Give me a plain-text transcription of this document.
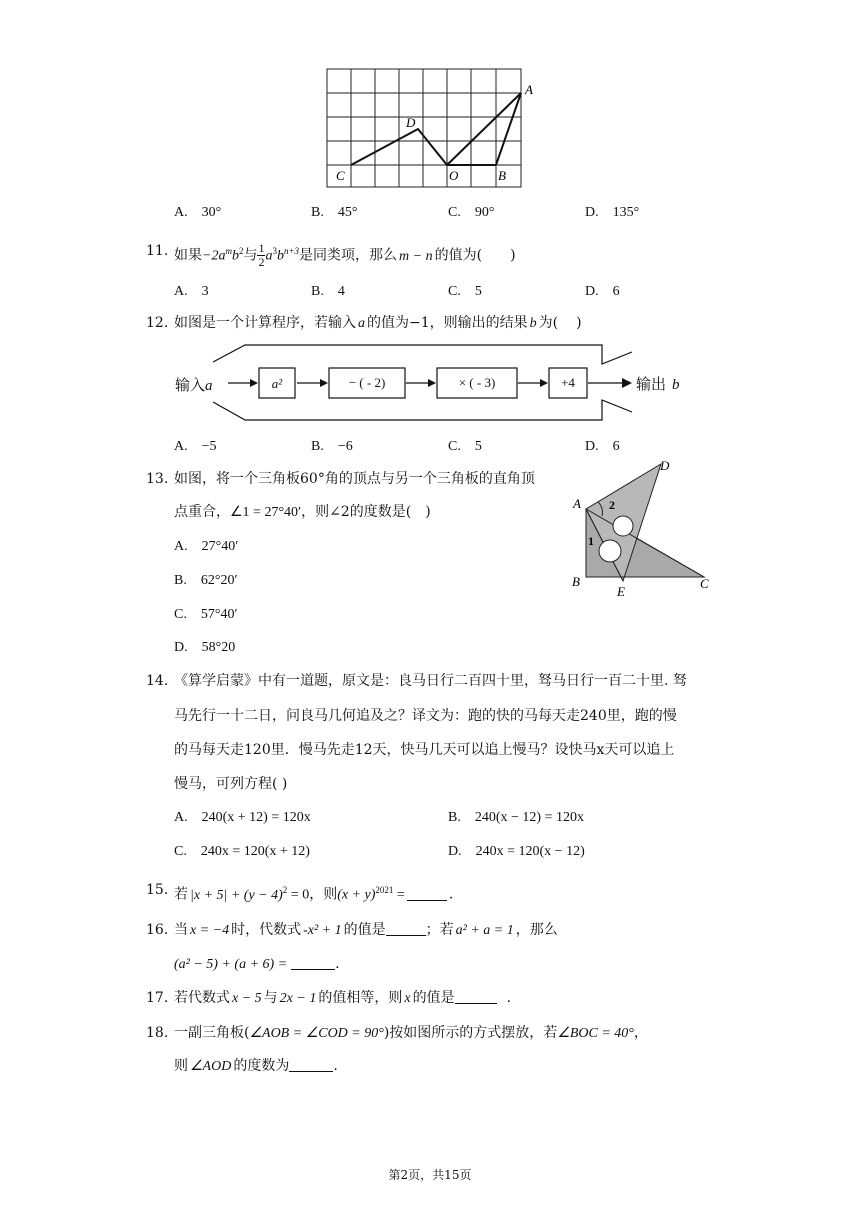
A
D
C	O	B
A. 30°	B. 45°	C. 90°	D. 135°
11. 如果$-2a^mb^2$与 $\frac{1}{2} a^3b^{n+3}$是同类项，那么 m − n 的值为( )
A. 3	B. 4	C. 5	D. 6
12. 如图是一个计算程序，若输入 a 的值为−1，则输出的结果 b 为( )
输入a	a²	− ( - 2)	× ( - 3)	+4	输出 b
A. −5	B. −6	C. 5	D. 6
13. 如图，将一个三角板60°角的顶点与另一个三角板的直角顶
点重合，∠1 = 27°40′，则∠2的度数是( )
D
A 2
1
B
E
C
A. 27°40′
B. 62°20′
C. 57°40′
D. 58°20
14. 《算学启蒙》中有一道题，原文是：良马日行二百四十里，驽马日行一百二十里. 驽
马先行一十二日，问良马几何追及之？译文为：跑的快的马每天走240里，跑的慢
的马每天走120里．慢马先走12天，快马几天可以追上慢马？设快马x天可以追上
慢马，可列方程( )
A. 240(x + 12) = 120x	B. 240(x − 12) = 120x
C. 240x = 120(x + 12)	D. 240x = 120(x − 12)
15. 若 $|x + 5| + (y - 4)^2 = 0$，则$(x + y)^{2021}$ =	.
16. 当 x = −4 时，代数式 -x² + 1 的值是	；若 a² + a = 1 ，那么
(a² − 5) + (a + 6) =	.
17. 若代数式 x − 5 与 2x − 1 的值相等，则 x 的值是	.
18. 一副三角板(∠AOB = ∠COD = 90°)按如图所示的方式摆放，若∠BOC = 40°，
则 ∠AOD 的度数为	.
第2页，共15页
